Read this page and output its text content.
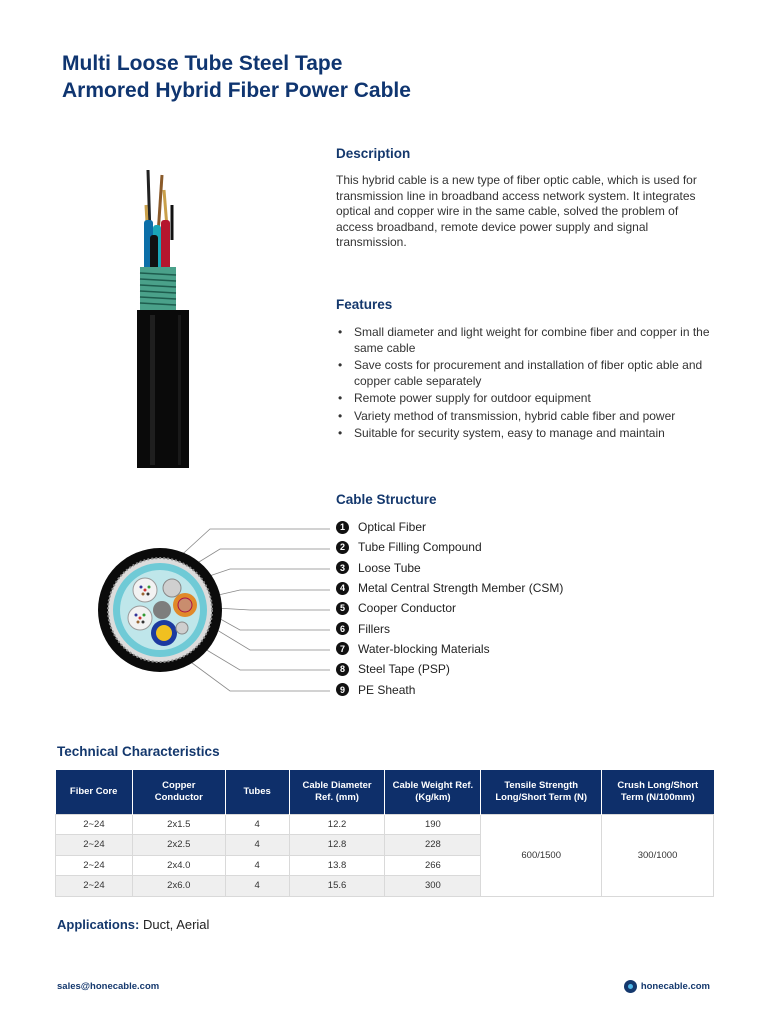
Multi Loose Tube Steel Tape
Armored Hybrid Fiber Power Cable
Description

This hybrid cable is a new type of fiber optic cable, which is used for transmission line in broadband access network system. It integrates optical and copper wire in the same cable, solved the problem of access broadband, remote device power supply and signal transmission.

Features
• Small diameter and light weight for combine fiber and copper in the same cable
• Save costs for procurement and installation of fiber optic able and copper cable separately
• Remote power supply for outdoor equipment
• Variety method of transmission, hybrid cable fiber and power
• Suitable for security system, easy to manage and maintain
Cable Structure
1	Optical Fiber
2	Tube Filling Compound
3	Loose Tube
4	Metal Central Strength Member (CSM)
5	Cooper Conductor
6	Fillers
7	Water-blocking Materials
8	Steel Tape (PSP)
9	PE Sheath
Technical Characteristics
Fiber Core	Copper Conductor	Tubes	Cable Diameter Ref. (mm)	Cable Weight Ref. (Kg/km)	Tensile Strength Long/Short Term (N)	Crush Long/Short Term (N/100mm)
2~24	2x1.5	4	12.2	190	600/1500	300/1000
2~24	2x2.5	4	12.8	228		
2~24	2x4.0	4	13.8	266		
2~24	2x6.0	4	15.6	300		
Applications: Duct, Aerial
sales@honecable.com	honecable.com
